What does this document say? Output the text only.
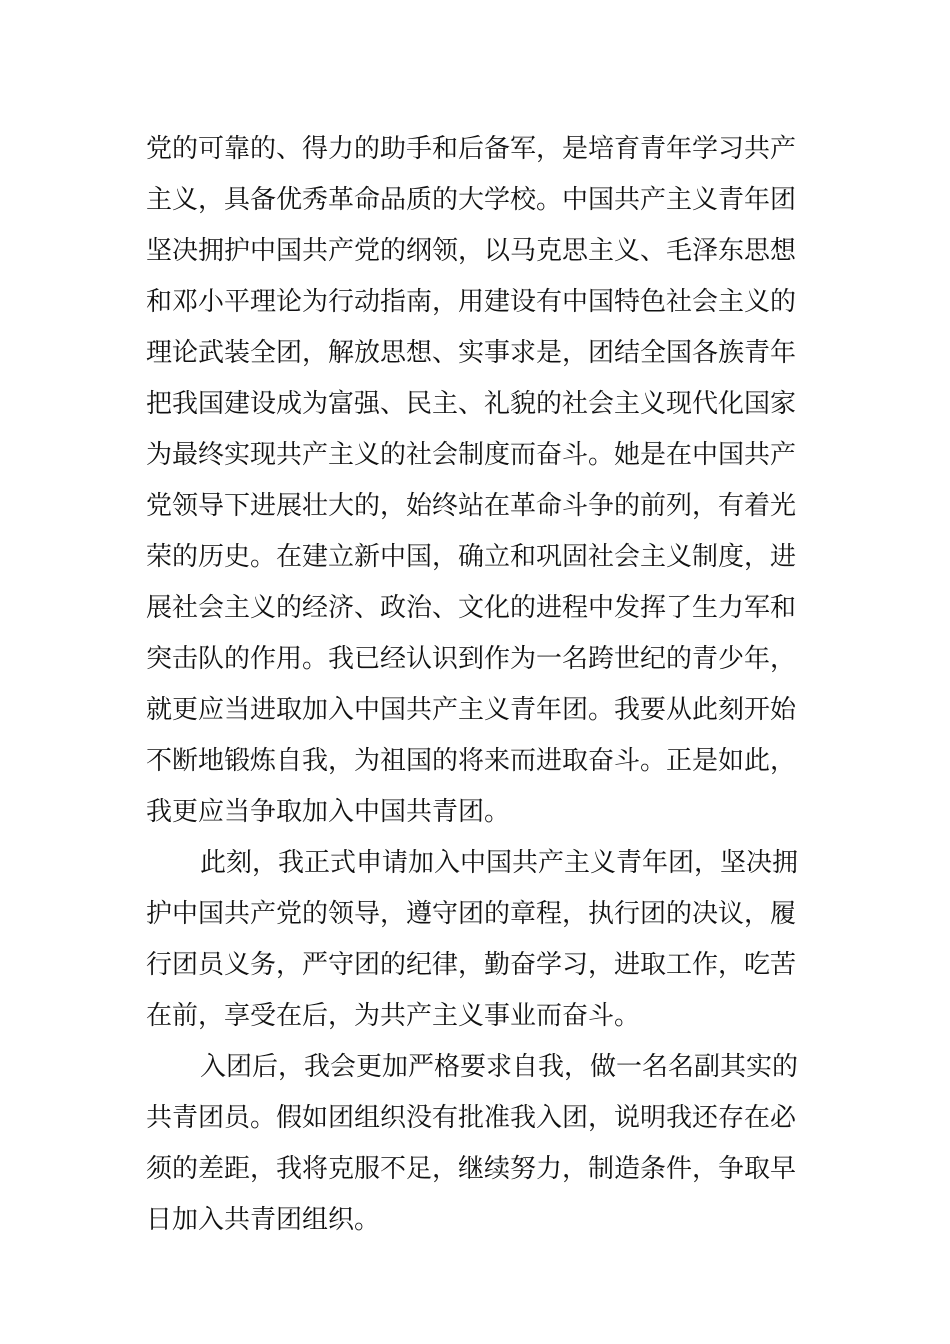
党的可靠的、得力的助手和后备军，是培育青年学习共产
主义，具备优秀革命品质的大学校。中国共产主义青年团
坚决拥护中国共产党的纲领，以马克思主义、毛泽东思想
和邓小平理论为行动指南，用建设有中国特色社会主义的
理论武装全团，解放思想、实事求是，团结全国各族青年
把我国建设成为富强、民主、礼貌的社会主义现代化国家
为最终实现共产主义的社会制度而奋斗。她是在中国共产
党领导下进展壮大的，始终站在革命斗争的前列，有着光
荣的历史。在建立新中国，确立和巩固社会主义制度，进
展社会主义的经济、政治、文化的进程中发挥了生力军和
突击队的作用。我已经认识到作为一名跨世纪的青少年，
就更应当进取加入中国共产主义青年团。我要从此刻开始
不断地锻炼自我，为祖国的将来而进取奋斗。正是如此，
我更应当争取加入中国共青团。
此刻，我正式申请加入中国共产主义青年团，坚决拥
护中国共产党的领导，遵守团的章程，执行团的决议，履
行团员义务，严守团的纪律，勤奋学习，进取工作，吃苦
在前，享受在后，为共产主义事业而奋斗。
入团后，我会更加严格要求自我，做一名名副其实的
共青团员。假如团组织没有批准我入团，说明我还存在必
须的差距，我将克服不足，继续努力，制造条件，争取早
日加入共青团组织。
